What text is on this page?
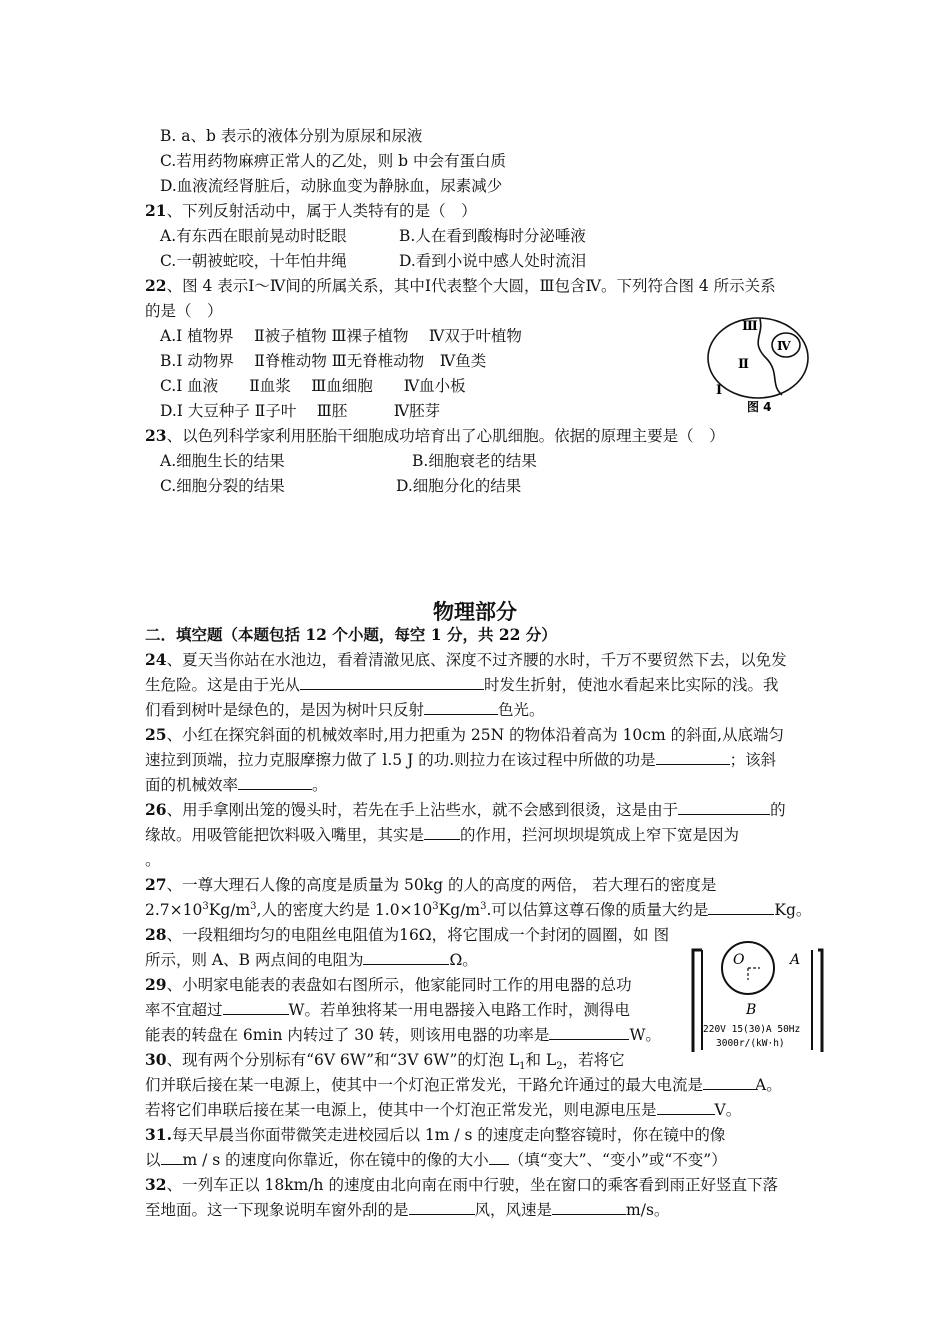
B. a、b 表示的液体分别为原尿和尿液
C.若用药物麻痹正常人的乙处，则 b 中会有蛋白质
D.血液流经肾脏后，动脉血变为静脉血，尿素减少
21、下列反射活动中，属于人类特有的是（　）
A.有东西在眼前晃动时眨眼	B.人在看到酸梅时分泌唾液
C.一朝被蛇咬，十年怕井绳	D.看到小说中感人处时流泪
22、图 4 表示Ⅰ～Ⅳ间的所属关系，其中Ⅰ代表整个大圆，Ⅲ包含Ⅳ。下列符合图 4 所示关系
的是（　）
A.Ⅰ 植物界　 Ⅱ被子植物 Ⅲ裸子植物　 Ⅳ双于叶植物
B.Ⅰ 动物界　 Ⅱ脊椎动物 Ⅲ无脊椎动物　Ⅳ鱼类
C.Ⅰ 血液　　Ⅱ血浆　 Ⅲ血细胞　　Ⅳ血小板
D.Ⅰ 大豆种子 Ⅱ子叶　 Ⅲ胚　　　Ⅳ胚芽
Ⅲ
Ⅳ
Ⅱ
Ⅰ
图 4
23、以色列科学家利用胚胎干细胞成功培育出了心肌细胞。依据的原理主要是（　）
A.细胞生长的结果	B.细胞衰老的结果
C.细胞分裂的结果	D.细胞分化的结果
物理部分
二．填空题（本题包括 12 个小题，每空 1 分，共 22 分）
24、夏天当你站在水池边，看着清澈见底、深度不过齐腰的水时，千万不要贸然下去，以免发
生危险。这是由于光从	时发生折射，使池水看起来比实际的浅。我
们看到树叶是绿色的，是因为树叶只反射	色光。
25、小红在探究斜面的机械效率时,用力把重为 25N 的物体沿着高为 10cm 的斜面,从底端匀
速拉到顶端，拉力克服摩擦力做了 l.5 J 的功.则拉力在该过程中所做的功是	；该斜
面的机械效率	。
26、用手拿刚出笼的馒头时，若先在手上沾些水，就不会感到很烫，这是由于	的
缘故。用吸管能把饮料吸入嘴里，其实是 的作用，拦河坝坝堤筑成上窄下宽是因为
。
27、一尊大理石人像的高度是质量为 50kg 的人的高度的两倍， 若大理石的密度是
$2.7\times 10^3Kg/m^3$,人的密度大约是 $1.0\times 10^3Kg/m^3$.可以估算这尊石像的质量大约是	Kg。
28、一段粗细均匀的电阻丝电阻值为16Ω，将它围成一个封闭的圆圈，如 图
所示，则 A、B 两点间的电阻为	Ω。
29、小明家电能表的表盘如右图所示，他家能同时工作的用电器的总功
率不宜超过	W。若单独将某一用电器接入电路工作时，测得电
能表的转盘在 6min 内转过了 30 转，则该用电器的功率是	W。
O	A
B
220V 15(30)A 50Hz
3000r/(kW·h)
30、现有两个分别标有“6V 6W”和“3V 6W”的灯泡 $L_1$和 $L_2$，若将它
们并联后接在某一电源上，使其中一个灯泡正常发光，干路允许通过的最大电流是	A。
若将它们串联后接在某一电源上，使其中一个灯泡正常发光，则电源电压是	V。
31.每天早晨当你面带微笑走进校园后以 1m / s 的速度走向整容镜时，你在镜中的像
以 m / s 的速度向你靠近，你在镜中的像的大小 （填“变大”、“变小”或“不变”）
32、一列车正以 18km/h 的速度由北向南在雨中行驶，坐在窗口的乘客看到雨正好竖直下落
至地面。这一下现象说明车窗外刮的是	风，风速是	m/s。
